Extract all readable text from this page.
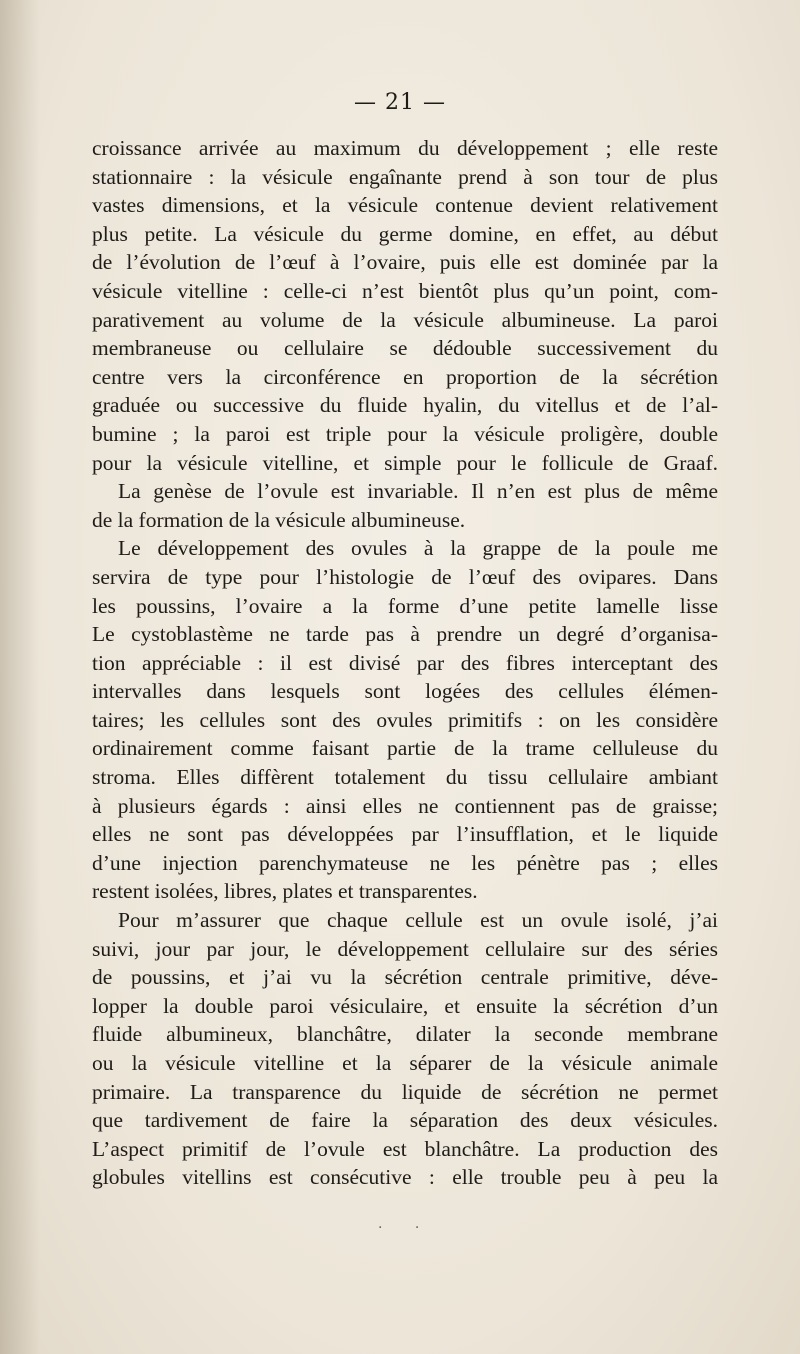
— 21 —
croissance arrivée au maximum du développement ; elle reste
stationnaire : la vésicule engaînante prend à son tour de plus
vastes dimensions, et la vésicule contenue devient relativement
plus petite. La vésicule du germe domine, en effet, au début
de l’évolution de l’œuf à l’ovaire, puis elle est dominée par la
vésicule vitelline : celle-ci n’est bientôt plus qu’un point, com-
parativement au volume de la vésicule albumineuse. La paroi
membraneuse ou cellulaire se dédouble successivement du
centre vers la circonférence en proportion de la sécrétion
graduée ou successive du fluide hyalin, du vitellus et de l’al-
bumine ; la paroi est triple pour la vésicule proligère, double
pour la vésicule vitelline, et simple pour le follicule de Graaf.
La genèse de l’ovule est invariable. Il n’en est plus de même
de la formation de la vésicule albumineuse.
Le développement des ovules à la grappe de la poule me
servira de type pour l’histologie de l’œuf des ovipares. Dans
les poussins, l’ovaire a la forme d’une petite lamelle lisse
Le cystoblastème ne tarde pas à prendre un degré d’organisa-
tion appréciable : il est divisé par des fibres interceptant des
intervalles dans lesquels sont logées des cellules élémen-
taires; les cellules sont des ovules primitifs : on les considère
ordinairement comme faisant partie de la trame celluleuse du
stroma. Elles diffèrent totalement du tissu cellulaire ambiant
à plusieurs égards : ainsi elles ne contiennent pas de graisse;
elles ne sont pas développées par l’insufflation, et le liquide
d’une injection parenchymateuse ne les pénètre pas ; elles
restent isolées, libres, plates et transparentes.
Pour m’assurer que chaque cellule est un ovule isolé, j’ai
suivi, jour par jour, le développement cellulaire sur des séries
de poussins, et j’ai vu la sécrétion centrale primitive, déve-
lopper la double paroi vésiculaire, et ensuite la sécrétion d’un
fluide albumineux, blanchâtre, dilater la seconde membrane
ou la vésicule vitelline et la séparer de la vésicule animale
primaire. La transparence du liquide de sécrétion ne permet
que tardivement de faire la séparation des deux vésicules.
L’aspect primitif de l’ovule est blanchâtre. La production des
globules vitellins est consécutive : elle trouble peu à peu la
· ·
